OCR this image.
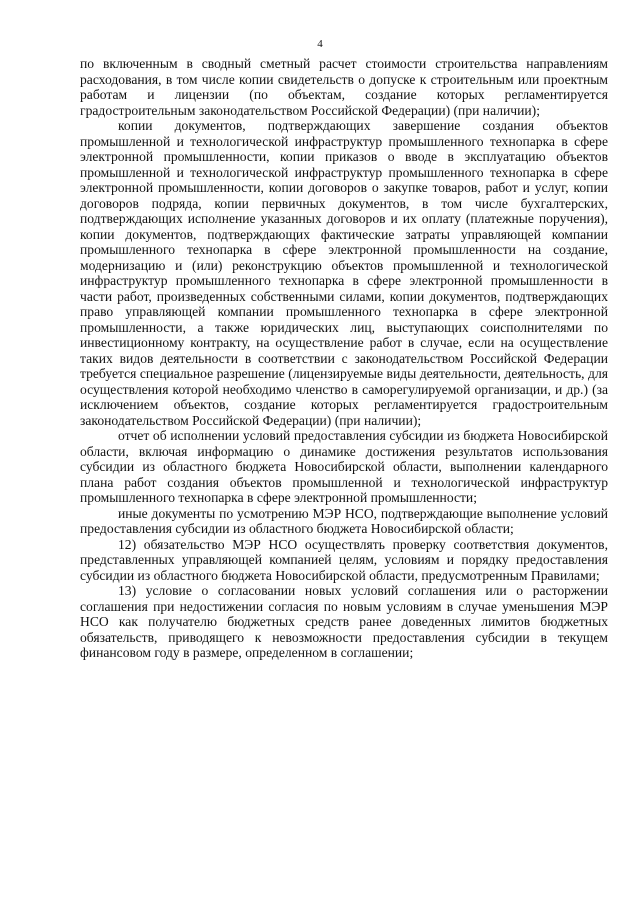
4

по включенным в сводный сметный расчет стоимости строительства направлениям расходования, в том числе копии свидетельств о допуске к строительным или проектным работам и лицензии (по объектам, создание которых регламентируется градостроительным законодательством Российской Федерации) (при наличии);

копии документов, подтверждающих завершение создания объектов промышленной и технологической инфраструктур промышленного технопарка в сфере электронной промышленности, копии приказов о вводе в эксплуатацию объектов промышленной и технологической инфраструктур промышленного технопарка в сфере электронной промышленности, копии договоров о закупке товаров, работ и услуг, копии договоров подряда, копии первичных документов, в том числе бухгалтерских, подтверждающих исполнение указанных договоров и их оплату (платежные поручения), копии документов, подтверждающих фактические затраты управляющей компании промышленного технопарка в сфере электронной промышленности на создание, модернизацию и (или) реконструкцию объектов промышленной и технологической инфраструктур промышленного технопарка в сфере электронной промышленности в части работ, произведенных собственными силами, копии документов, подтверждающих право управляющей компании промышленного технопарка в сфере электронной промышленности, а также юридических лиц, выступающих соисполнителями по инвестиционному контракту, на осуществление работ в случае, если на осуществление таких видов деятельности в соответствии с законодательством Российской Федерации требуется специальное разрешение (лицензируемые виды деятельности, деятельность, для осуществления которой необходимо членство в саморегулируемой организации, и др.) (за исключением объектов, создание которых регламентируется градостроительным законодательством Российской Федерации) (при наличии);

отчет об исполнении условий предоставления субсидии из бюджета Новосибирской области, включая информацию о динамике достижения результатов использования субсидии из областного бюджета Новосибирской области, выполнении календарного плана работ создания объектов промышленной и технологической инфраструктур промышленного технопарка в сфере электронной промышленности;

иные документы по усмотрению МЭР НСО, подтверждающие выполнение условий предоставления субсидии из областного бюджета Новосибирской области;

12) обязательство МЭР НСО осуществлять проверку соответствия документов, представленных управляющей компанией целям, условиям и порядку предоставления субсидии из областного бюджета Новосибирской области, предусмотренным Правилами;

13) условие о согласовании новых условий соглашения или о расторжении соглашения при недостижении согласия по новым условиям в случае уменьшения МЭР НСО как получателю бюджетных средств ранее доведенных лимитов бюджетных обязательств, приводящего к невозможности предоставления субсидии в текущем финансовом году в размере, определенном в соглашении;
